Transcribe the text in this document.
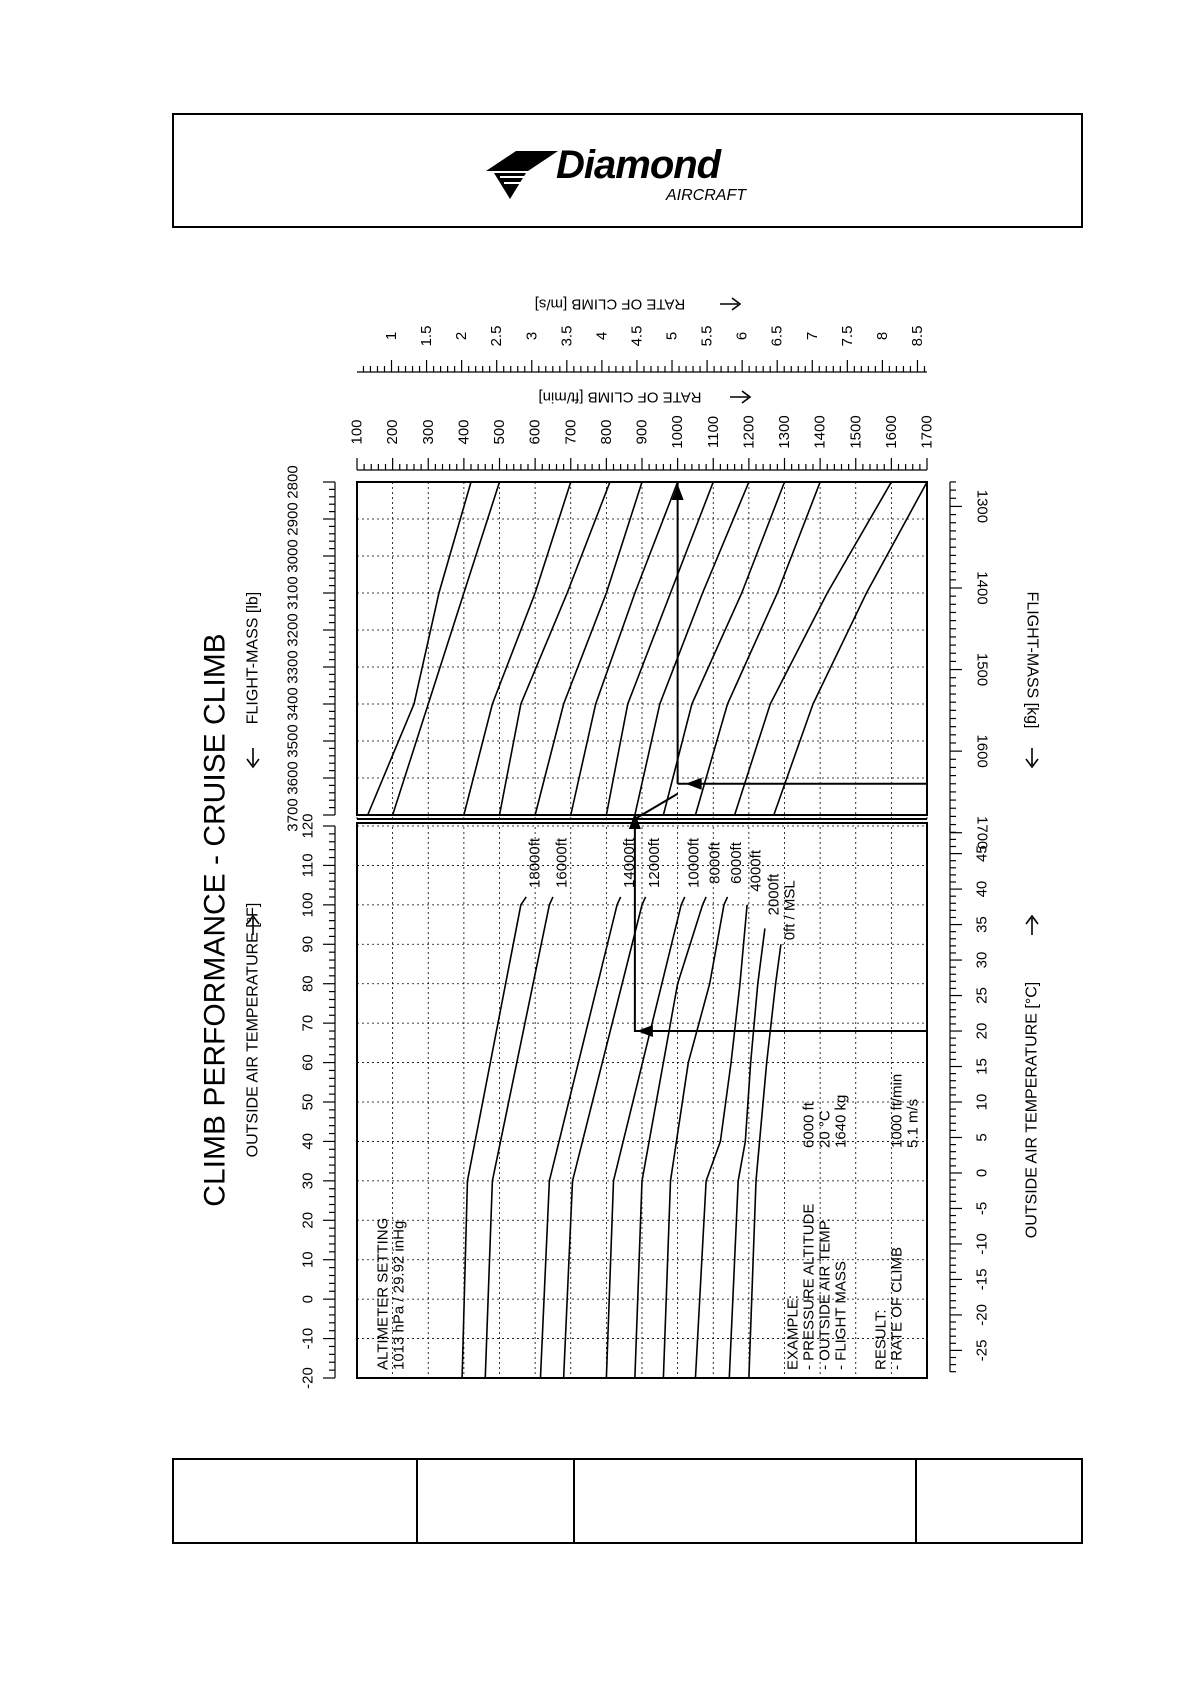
Diamond
AIRCRAFT
CLIMB PERFORMANCE - CRUISE CLIMB OUTSIDE AIR TEMPERATURE [°F]
FLIGHT-MASS [lb]	FLIGHT-MASS [kg]
OUTSIDE AIR TEMPERATURE [°C]
RATE OF CLIMB [ft/min]
RATE OF CLIMB [m/s]
-20
-10
0
10
20
30
40
50
60
70
80
90
100
110
120
3700
3600
3500
3400
3300
3200
3100
3000
2900
2800
1700
1600
1500
1400
1300
-25
-20
-15
-10
-5
0
5
10
15
20
25
30
35
40
45
100 200 300 400 500 600 700 800 900 1000 1100 1200 1300 1400 1500 1600 1700
1 1.5 2 2.5 3 3.5 4 4.5 5 5.5 6 6.5 7 7.5 8 8.5
18000ft 16000ft	14000ft 12000ft 10000ft 8000ft 6000ft 4000ft
2000ft 0ft / MSL
ALTIMETER SETTING 1013 hPa / 29.92 inHg	EXAMPLE: - PRESSURE ALTITUDE
6000 ft
- OUTSIDE AIR TEMP.
20 °C
- FLIGHT MASS
1640 kg
RESULT: - RATE OF CLIMB
1000 ft/min 5.1 m/s
